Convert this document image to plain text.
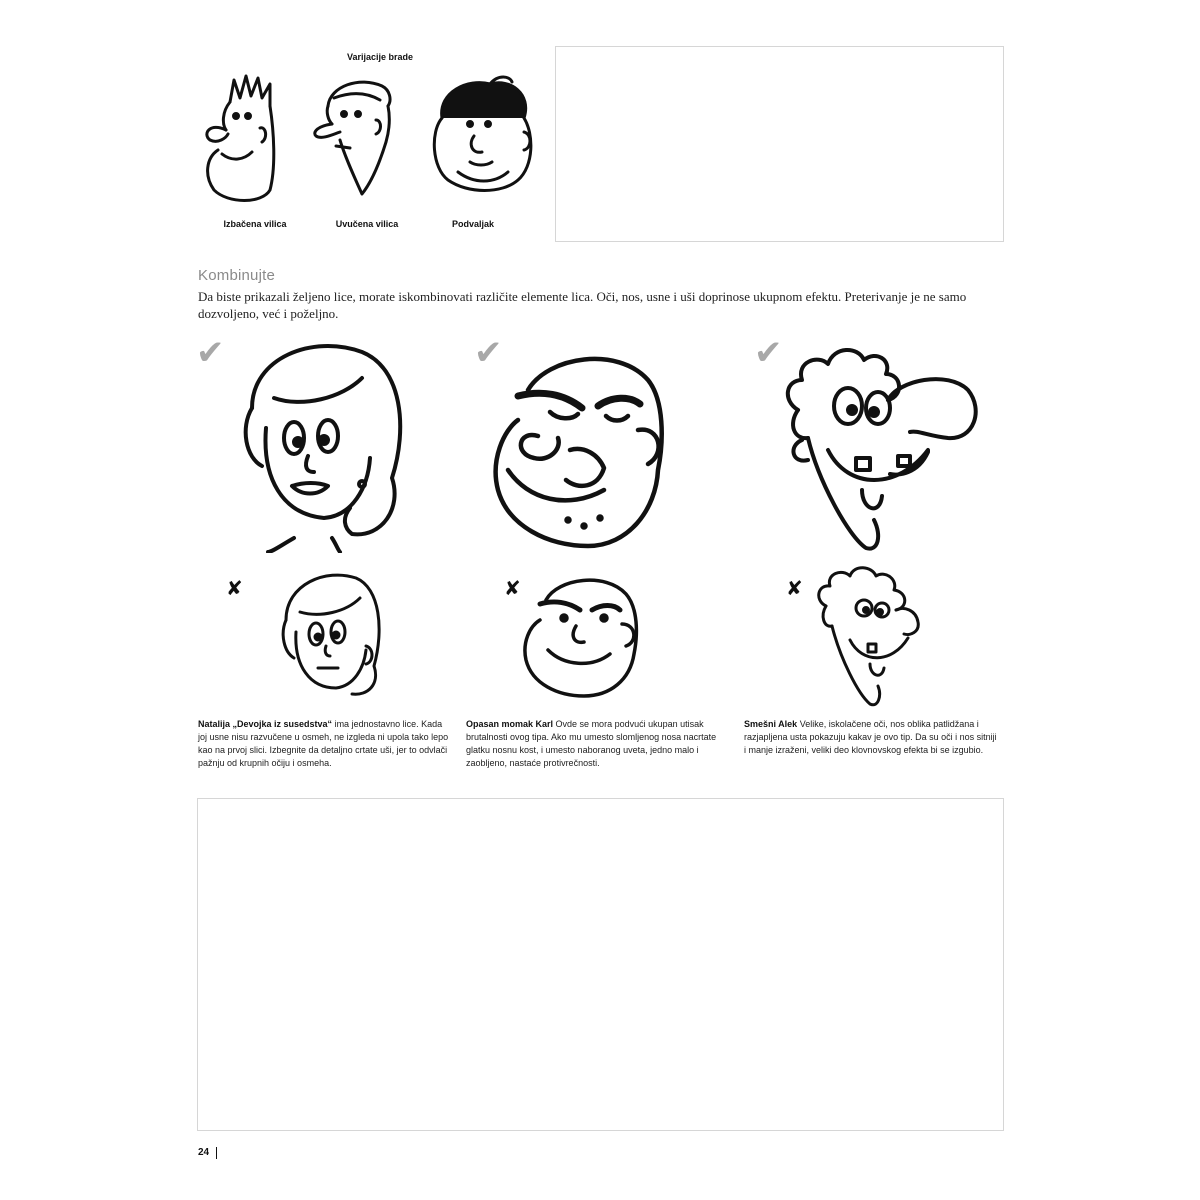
Varijacije brade
Izbačena vilica	Uvučena vilica	Podvaljak
Kombinujte
Da biste prikazali željeno lice, morate iskombinovati različite elemente lica. Oči, nos, usne i uši doprinose ukupnom efektu. Preterivanje je ne samo dozvoljeno, već i poželjno.
✔
✘
Natalija „Devojka iz susedstva“ ima jednostavno lice. Kada joj usne nisu razvučene u osmeh, ne izgleda ni upola tako lepo kao na prvoj slici. Izbegnite da detaljno crtate uši, jer to odvlači pažnju od krupnih očiju i osmeha.
✔
✘
Opasan momak Karl Ovde se mora podvući ukupan utisak brutalnosti ovog tipa. Ako mu umesto slomljenog nosa nacrtate glatku nosnu kost, i umesto naboranog uveta, jedno malo i zaobljeno, nastaće protivrečnosti.
✔
✘
Smešni Alek Velike, iskolačene oči, nos oblika patlidžana i razjapljena usta pokazuju kakav je ovo tip. Da su oči i nos sitniji i manje izraženi, veliki deo klovnovskog efekta bi se izgubio.
24
